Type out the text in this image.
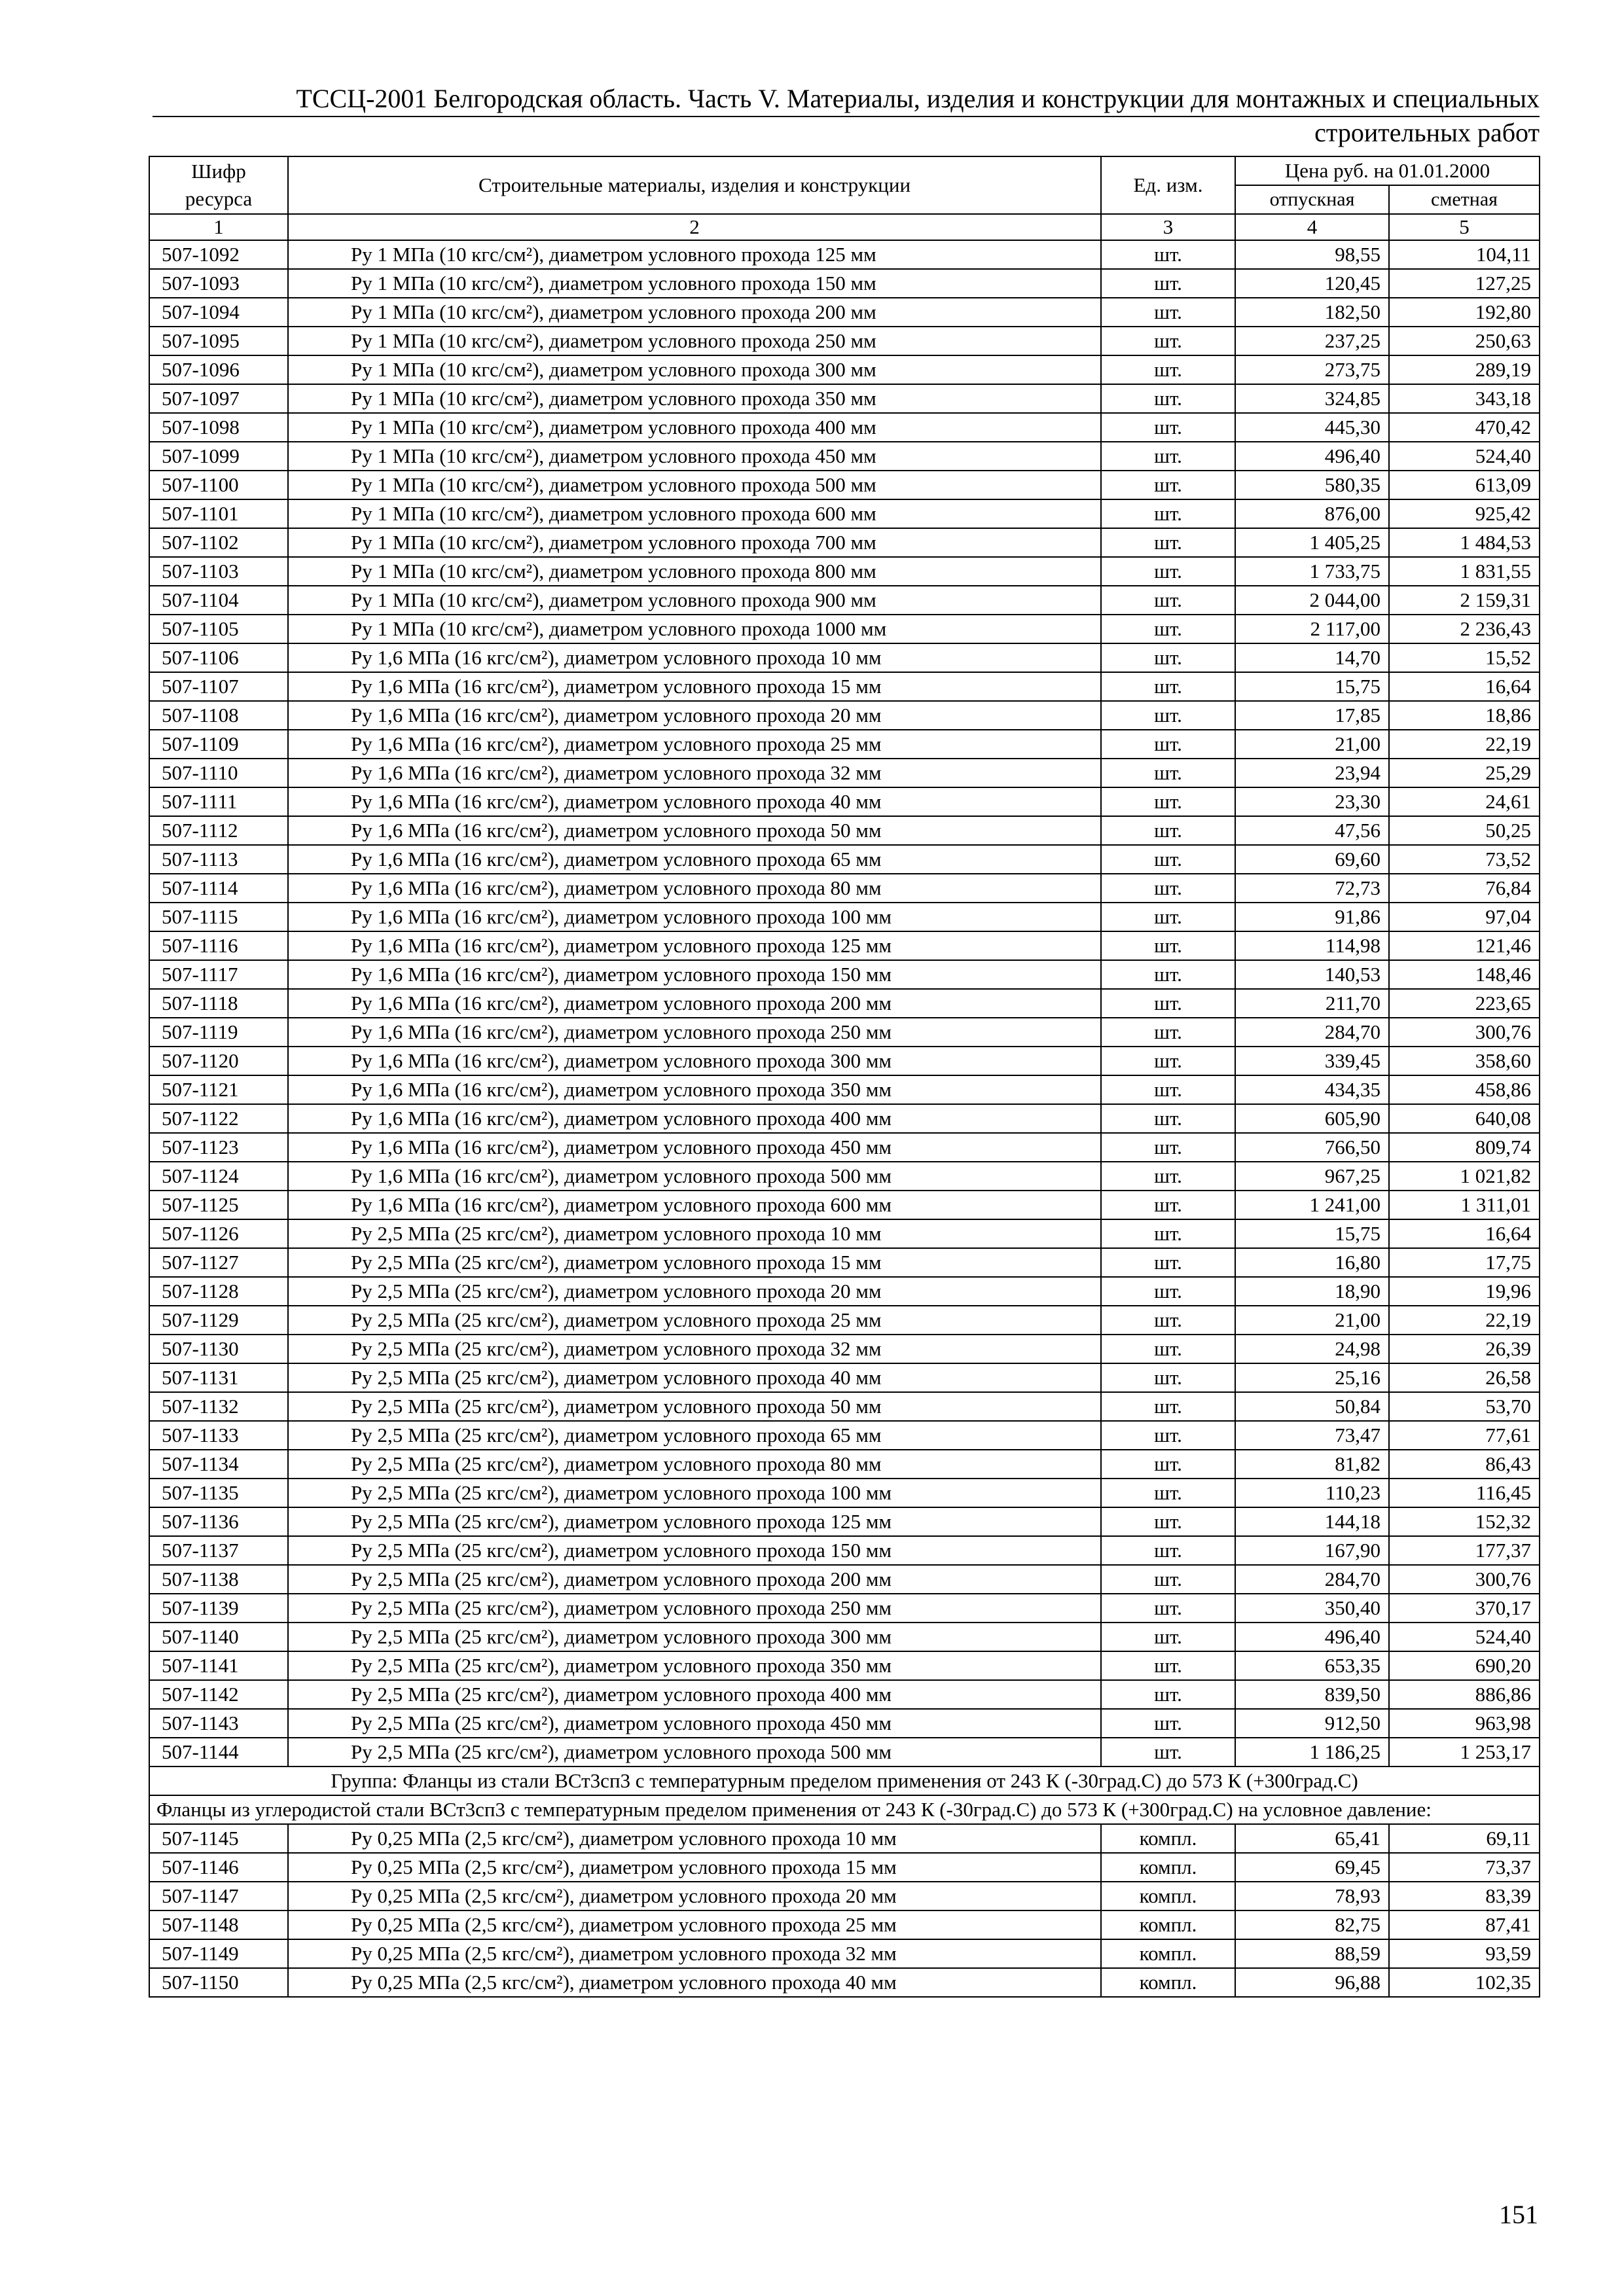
ТССЦ-2001 Белгородская область. Часть V. Материалы, изделия и конструкции для монтажных и специальных
строительных работ
Шифр ресурса	Строительные материалы, изделия и конструкции	Ед. изм.	Цена руб. на 01.01.2000	
			отпускная	сметная
1	2	3	4	5
507-1092	Ру 1 МПа (10 кгс/см²), диаметром условного прохода 125 мм	шт.	98,55	104,11
507-1093	Ру 1 МПа (10 кгс/см²), диаметром условного прохода 150 мм	шт.	120,45	127,25
507-1094	Ру 1 МПа (10 кгс/см²), диаметром условного прохода 200 мм	шт.	182,50	192,80
507-1095	Ру 1 МПа (10 кгс/см²), диаметром условного прохода 250 мм	шт.	237,25	250,63
507-1096	Ру 1 МПа (10 кгс/см²), диаметром условного прохода 300 мм	шт.	273,75	289,19
507-1097	Ру 1 МПа (10 кгс/см²), диаметром условного прохода 350 мм	шт.	324,85	343,18
507-1098	Ру 1 МПа (10 кгс/см²), диаметром условного прохода 400 мм	шт.	445,30	470,42
507-1099	Ру 1 МПа (10 кгс/см²), диаметром условного прохода 450 мм	шт.	496,40	524,40
507-1100	Ру 1 МПа (10 кгс/см²), диаметром условного прохода 500 мм	шт.	580,35	613,09
507-1101	Ру 1 МПа (10 кгс/см²), диаметром условного прохода 600 мм	шт.	876,00	925,42
507-1102	Ру 1 МПа (10 кгс/см²), диаметром условного прохода 700 мм	шт.	1 405,25	1 484,53
507-1103	Ру 1 МПа (10 кгс/см²), диаметром условного прохода 800 мм	шт.	1 733,75	1 831,55
507-1104	Ру 1 МПа (10 кгс/см²), диаметром условного прохода 900 мм	шт.	2 044,00	2 159,31
507-1105	Ру 1 МПа (10 кгс/см²), диаметром условного прохода 1000 мм	шт.	2 117,00	2 236,43
507-1106	Ру 1,6 МПа (16 кгс/см²), диаметром условного прохода 10 мм	шт.	14,70	15,52
507-1107	Ру 1,6 МПа (16 кгс/см²), диаметром условного прохода 15 мм	шт.	15,75	16,64
507-1108	Ру 1,6 МПа (16 кгс/см²), диаметром условного прохода 20 мм	шт.	17,85	18,86
507-1109	Ру 1,6 МПа (16 кгс/см²), диаметром условного прохода 25 мм	шт.	21,00	22,19
507-1110	Ру 1,6 МПа (16 кгс/см²), диаметром условного прохода 32 мм	шт.	23,94	25,29
507-1111	Ру 1,6 МПа (16 кгс/см²), диаметром условного прохода 40 мм	шт.	23,30	24,61
507-1112	Ру 1,6 МПа (16 кгс/см²), диаметром условного прохода 50 мм	шт.	47,56	50,25
507-1113	Ру 1,6 МПа (16 кгс/см²), диаметром условного прохода 65 мм	шт.	69,60	73,52
507-1114	Ру 1,6 МПа (16 кгс/см²), диаметром условного прохода 80 мм	шт.	72,73	76,84
507-1115	Ру 1,6 МПа (16 кгс/см²), диаметром условного прохода 100 мм	шт.	91,86	97,04
507-1116	Ру 1,6 МПа (16 кгс/см²), диаметром условного прохода 125 мм	шт.	114,98	121,46
507-1117	Ру 1,6 МПа (16 кгс/см²), диаметром условного прохода 150 мм	шт.	140,53	148,46
507-1118	Ру 1,6 МПа (16 кгс/см²), диаметром условного прохода 200 мм	шт.	211,70	223,65
507-1119	Ру 1,6 МПа (16 кгс/см²), диаметром условного прохода 250 мм	шт.	284,70	300,76
507-1120	Ру 1,6 МПа (16 кгс/см²), диаметром условного прохода 300 мм	шт.	339,45	358,60
507-1121	Ру 1,6 МПа (16 кгс/см²), диаметром условного прохода 350 мм	шт.	434,35	458,86
507-1122	Ру 1,6 МПа (16 кгс/см²), диаметром условного прохода 400 мм	шт.	605,90	640,08
507-1123	Ру 1,6 МПа (16 кгс/см²), диаметром условного прохода 450 мм	шт.	766,50	809,74
507-1124	Ру 1,6 МПа (16 кгс/см²), диаметром условного прохода 500 мм	шт.	967,25	1 021,82
507-1125	Ру 1,6 МПа (16 кгс/см²), диаметром условного прохода 600 мм	шт.	1 241,00	1 311,01
507-1126	Ру 2,5 МПа (25 кгс/см²), диаметром условного прохода 10 мм	шт.	15,75	16,64
507-1127	Ру 2,5 МПа (25 кгс/см²), диаметром условного прохода 15 мм	шт.	16,80	17,75
507-1128	Ру 2,5 МПа (25 кгс/см²), диаметром условного прохода 20 мм	шт.	18,90	19,96
507-1129	Ру 2,5 МПа (25 кгс/см²), диаметром условного прохода 25 мм	шт.	21,00	22,19
507-1130	Ру 2,5 МПа (25 кгс/см²), диаметром условного прохода 32 мм	шт.	24,98	26,39
507-1131	Ру 2,5 МПа (25 кгс/см²), диаметром условного прохода 40 мм	шт.	25,16	26,58
507-1132	Ру 2,5 МПа (25 кгс/см²), диаметром условного прохода 50 мм	шт.	50,84	53,70
507-1133	Ру 2,5 МПа (25 кгс/см²), диаметром условного прохода 65 мм	шт.	73,47	77,61
507-1134	Ру 2,5 МПа (25 кгс/см²), диаметром условного прохода 80 мм	шт.	81,82	86,43
507-1135	Ру 2,5 МПа (25 кгс/см²), диаметром условного прохода 100 мм	шт.	110,23	116,45
507-1136	Ру 2,5 МПа (25 кгс/см²), диаметром условного прохода 125 мм	шт.	144,18	152,32
507-1137	Ру 2,5 МПа (25 кгс/см²), диаметром условного прохода 150 мм	шт.	167,90	177,37
507-1138	Ру 2,5 МПа (25 кгс/см²), диаметром условного прохода 200 мм	шт.	284,70	300,76
507-1139	Ру 2,5 МПа (25 кгс/см²), диаметром условного прохода 250 мм	шт.	350,40	370,17
507-1140	Ру 2,5 МПа (25 кгс/см²), диаметром условного прохода 300 мм	шт.	496,40	524,40
507-1141	Ру 2,5 МПа (25 кгс/см²), диаметром условного прохода 350 мм	шт.	653,35	690,20
507-1142	Ру 2,5 МПа (25 кгс/см²), диаметром условного прохода 400 мм	шт.	839,50	886,86
507-1143	Ру 2,5 МПа (25 кгс/см²), диаметром условного прохода 450 мм	шт.	912,50	963,98
507-1144	Ру 2,5 МПа (25 кгс/см²), диаметром условного прохода 500 мм	шт.	1 186,25	1 253,17
Группа: Фланцы из стали ВСт3сп3 с температурным пределом применения от 243 К (-30град.С) до 573 К (+300град.С)				
Фланцы из углеродистой стали ВСт3сп3 с температурным пределом применения от 243 К (-30град.С) до 573 К (+300град.С) на условное давление:				
507-1145	Ру 0,25 МПа (2,5 кгс/см²), диаметром условного прохода 10 мм	компл.	65,41	69,11
507-1146	Ру 0,25 МПа (2,5 кгс/см²), диаметром условного прохода 15 мм	компл.	69,45	73,37
507-1147	Ру 0,25 МПа (2,5 кгс/см²), диаметром условного прохода 20 мм	компл.	78,93	83,39
507-1148	Ру 0,25 МПа (2,5 кгс/см²), диаметром условного прохода 25 мм	компл.	82,75	87,41
507-1149	Ру 0,25 МПа (2,5 кгс/см²), диаметром условного прохода 32 мм	компл.	88,59	93,59
507-1150	Ру 0,25 МПа (2,5 кгс/см²), диаметром условного прохода 40 мм	компл.	96,88	102,35
151
